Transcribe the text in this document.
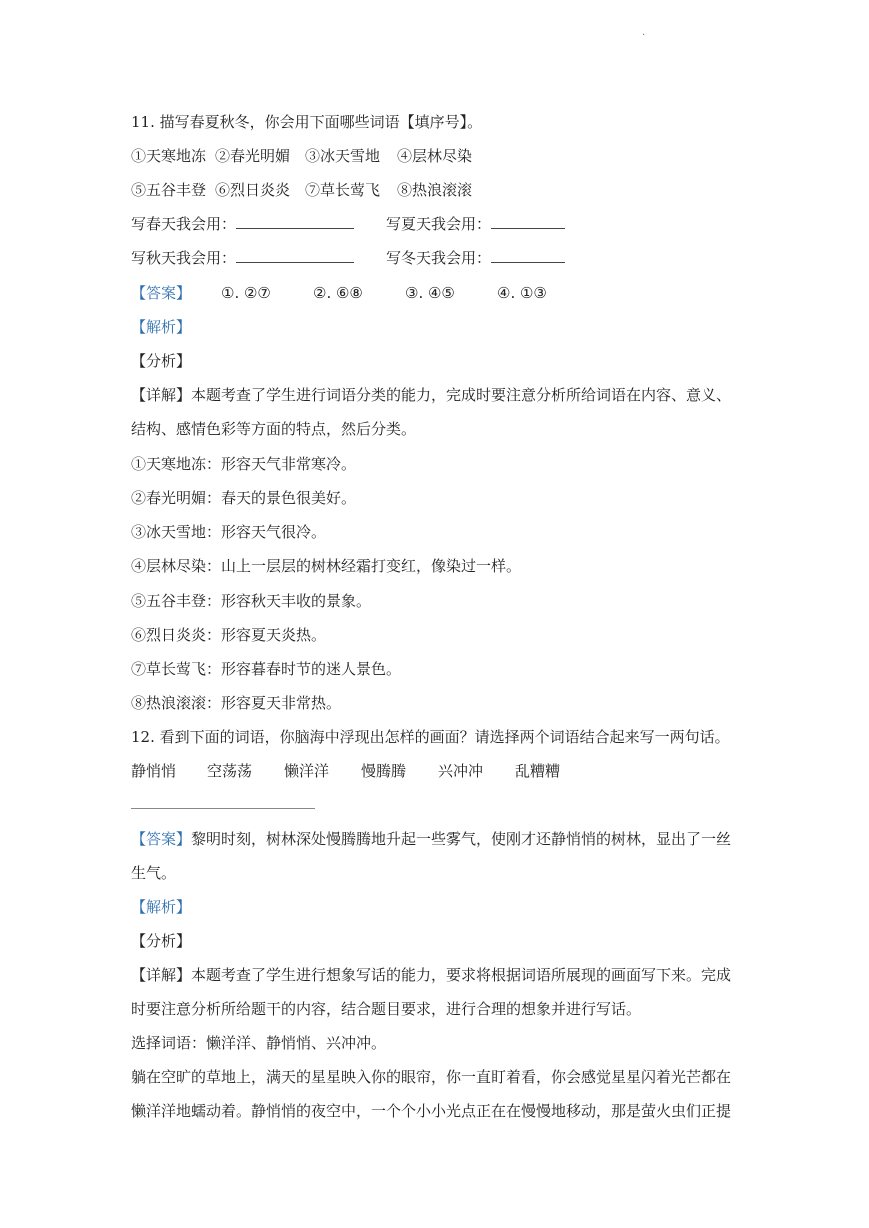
·
11. 描写春夏秋冬，你会用下面哪些词语【填序号】。
①天寒地冻 ②春光明媚 ③冰天雪地 ④层林尽染
⑤五谷丰登 ⑥烈日炎炎 ⑦草长莺飞 ⑧热浪滚滚
写春天我会用：	写夏天我会用：
写秋天我会用：	写冬天我会用：
【答案】 ①. ②⑦	②. ⑥⑧	③. ④⑤	④. ①③
【解析】
【分析】
【详解】本题考查了学生进行词语分类的能力，完成时要注意分析所给词语在内容、意义、
结构、感情色彩等方面的特点，然后分类。
①天寒地冻：形容天气非常寒冷。
②春光明媚：春天的景色很美好。
③冰天雪地：形容天气很冷。
④层林尽染：山上一层层的树林经霜打变红，像染过一样。
⑤五谷丰登：形容秋天丰收的景象。
⑥烈日炎炎：形容夏天炎热。
⑦草长莺飞：形容暮春时节的迷人景色。
⑧热浪滚滚：形容夏天非常热。
12. 看到下面的词语，你脑海中浮现出怎样的画面？请选择两个词语结合起来写一两句话。
静悄悄 空荡荡 懒洋洋 慢腾腾 兴冲冲 乱糟糟
【答案】黎明时刻，树林深处慢腾腾地升起一些雾气，使刚才还静悄悄的树林，显出了一丝
生气。
【解析】
【分析】
【详解】本题考查了学生进行想象写话的能力，要求将根据词语所展现的画面写下来。完成
时要注意分析所给题干的内容，结合题目要求，进行合理的想象并进行写话。
选择词语：懒洋洋、静悄悄、兴冲冲。
躺在空旷的草地上，满天的星星映入你的眼帘，你一直盯着看，你会感觉星星闪着光芒都在
懒洋洋地蠕动着。静悄悄的夜空中，一个个小小光点正在在慢慢地移动，那是萤火虫们正提
